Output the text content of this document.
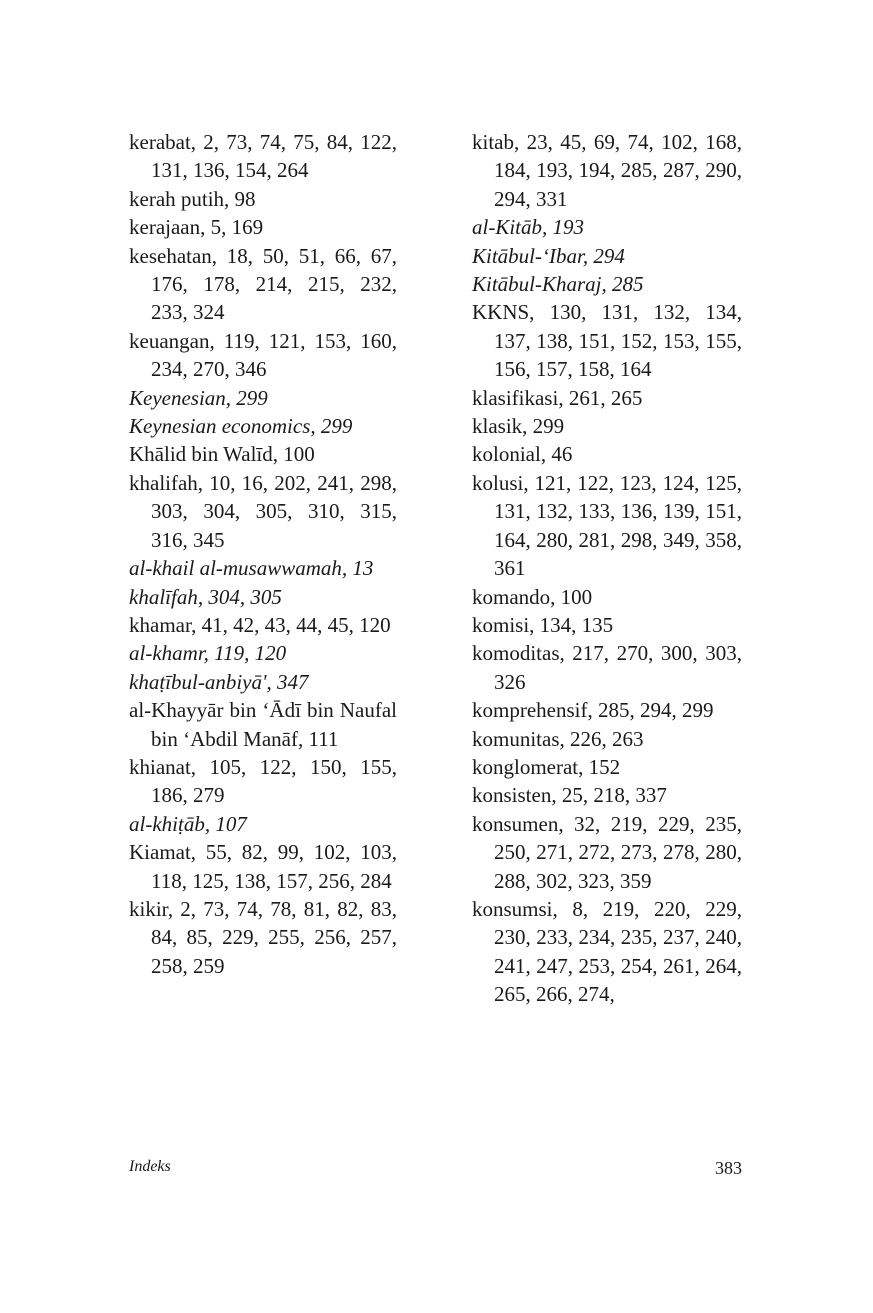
kerabat, 2, 73, 74, 75, 84, 122, 131, 136, 154, 264

kerah putih, 98

kerajaan, 5, 169

kesehatan, 18, 50, 51, 66, 67, 176, 178, 214, 215, 232, 233, 324

keuangan, 119, 121, 153, 160, 234, 270, 346

Keyenesian, 299

Keynesian economics, 299

Khālid bin Walīd, 100

khalifah, 10, 16, 202, 241, 298, 303, 304, 305, 310, 315, 316, 345

al-khail al-musawwamah, 13

khalīfah, 304, 305

khamar, 41, 42, 43, 44, 45, 120

al-khamr, 119, 120

khaṭībul-anbiyā', 347

al-Khayyār bin ‘Ādī bin Naufal bin ‘Abdil Manāf, 111

khianat, 105, 122, 150, 155, 186, 279

al-khiṭāb, 107

Kiamat, 55, 82, 99, 102, 103, 118, 125, 138, 157, 256, 284

kikir, 2, 73, 74, 78, 81, 82, 83, 84, 85, 229, 255, 256, 257, 258, 259

kitab, 23, 45, 69, 74, 102, 168, 184, 193, 194, 285, 287, 290, 294, 331

al-Kitāb, 193

Kitābul-‘Ibar, 294

Kitābul-Kharaj, 285

KKNS, 130, 131, 132, 134, 137, 138, 151, 152, 153, 155, 156, 157, 158, 164

klasifikasi, 261, 265

klasik, 299

kolonial, 46

kolusi, 121, 122, 123, 124, 125, 131, 132, 133, 136, 139, 151, 164, 280, 281, 298, 349, 358, 361

komando, 100

komisi, 134, 135

komoditas, 217, 270, 300, 303, 326

komprehensif, 285, 294, 299

komunitas, 226, 263

konglomerat, 152

konsisten, 25, 218, 337

konsumen, 32, 219, 229, 235, 250, 271, 272, 273, 278, 280, 288, 302, 323, 359

konsumsi, 8, 219, 220, 229, 230, 233, 234, 235, 237, 240, 241, 247, 253, 254, 261, 264, 265, 266, 274,

Indeks	383
